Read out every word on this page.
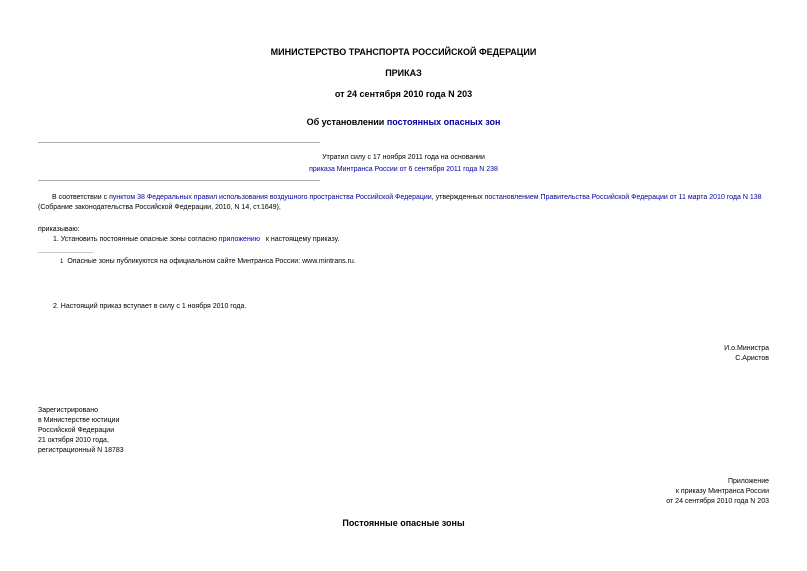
МИНИСТЕРСТВО ТРАНСПОРТА РОССИЙСКОЙ ФЕДЕРАЦИИ
ПРИКАЗ
от 24 сентября 2010 года N 203
Об установлении постоянных опасных зон
Утратил силу с 17 ноября 2011 года на основании
приказа Минтранса России от 6 сентября 2011 года N 238
В соответствии с пунктом 38 Федеральных правил использования воздушного пространства Российской Федерации, утвержденных постановлением Правительства Российской Федерации от 11 марта 2010 года N 138 (Собрание законодательства Российской Федерации, 2010, N 14, ст.1649),
приказываю:
1. Установить постоянные опасные зоны согласно приложению к настоящему приказу.
1 Опасные зоны публикуются на официальном сайте Минтранса России: www.mintrans.ru.
2. Настоящий приказ вступает в силу с 1 ноября 2010 года.
И.о.Министра
С.Аристов
Зарегистрировано
в Министерстве юстиции
Российской Федерации
21 октября 2010 года,
регистрационный N 18783
Приложение
к приказу Минтранса России
от 24 сентября 2010 года N 203
Постоянные опасные зоны
